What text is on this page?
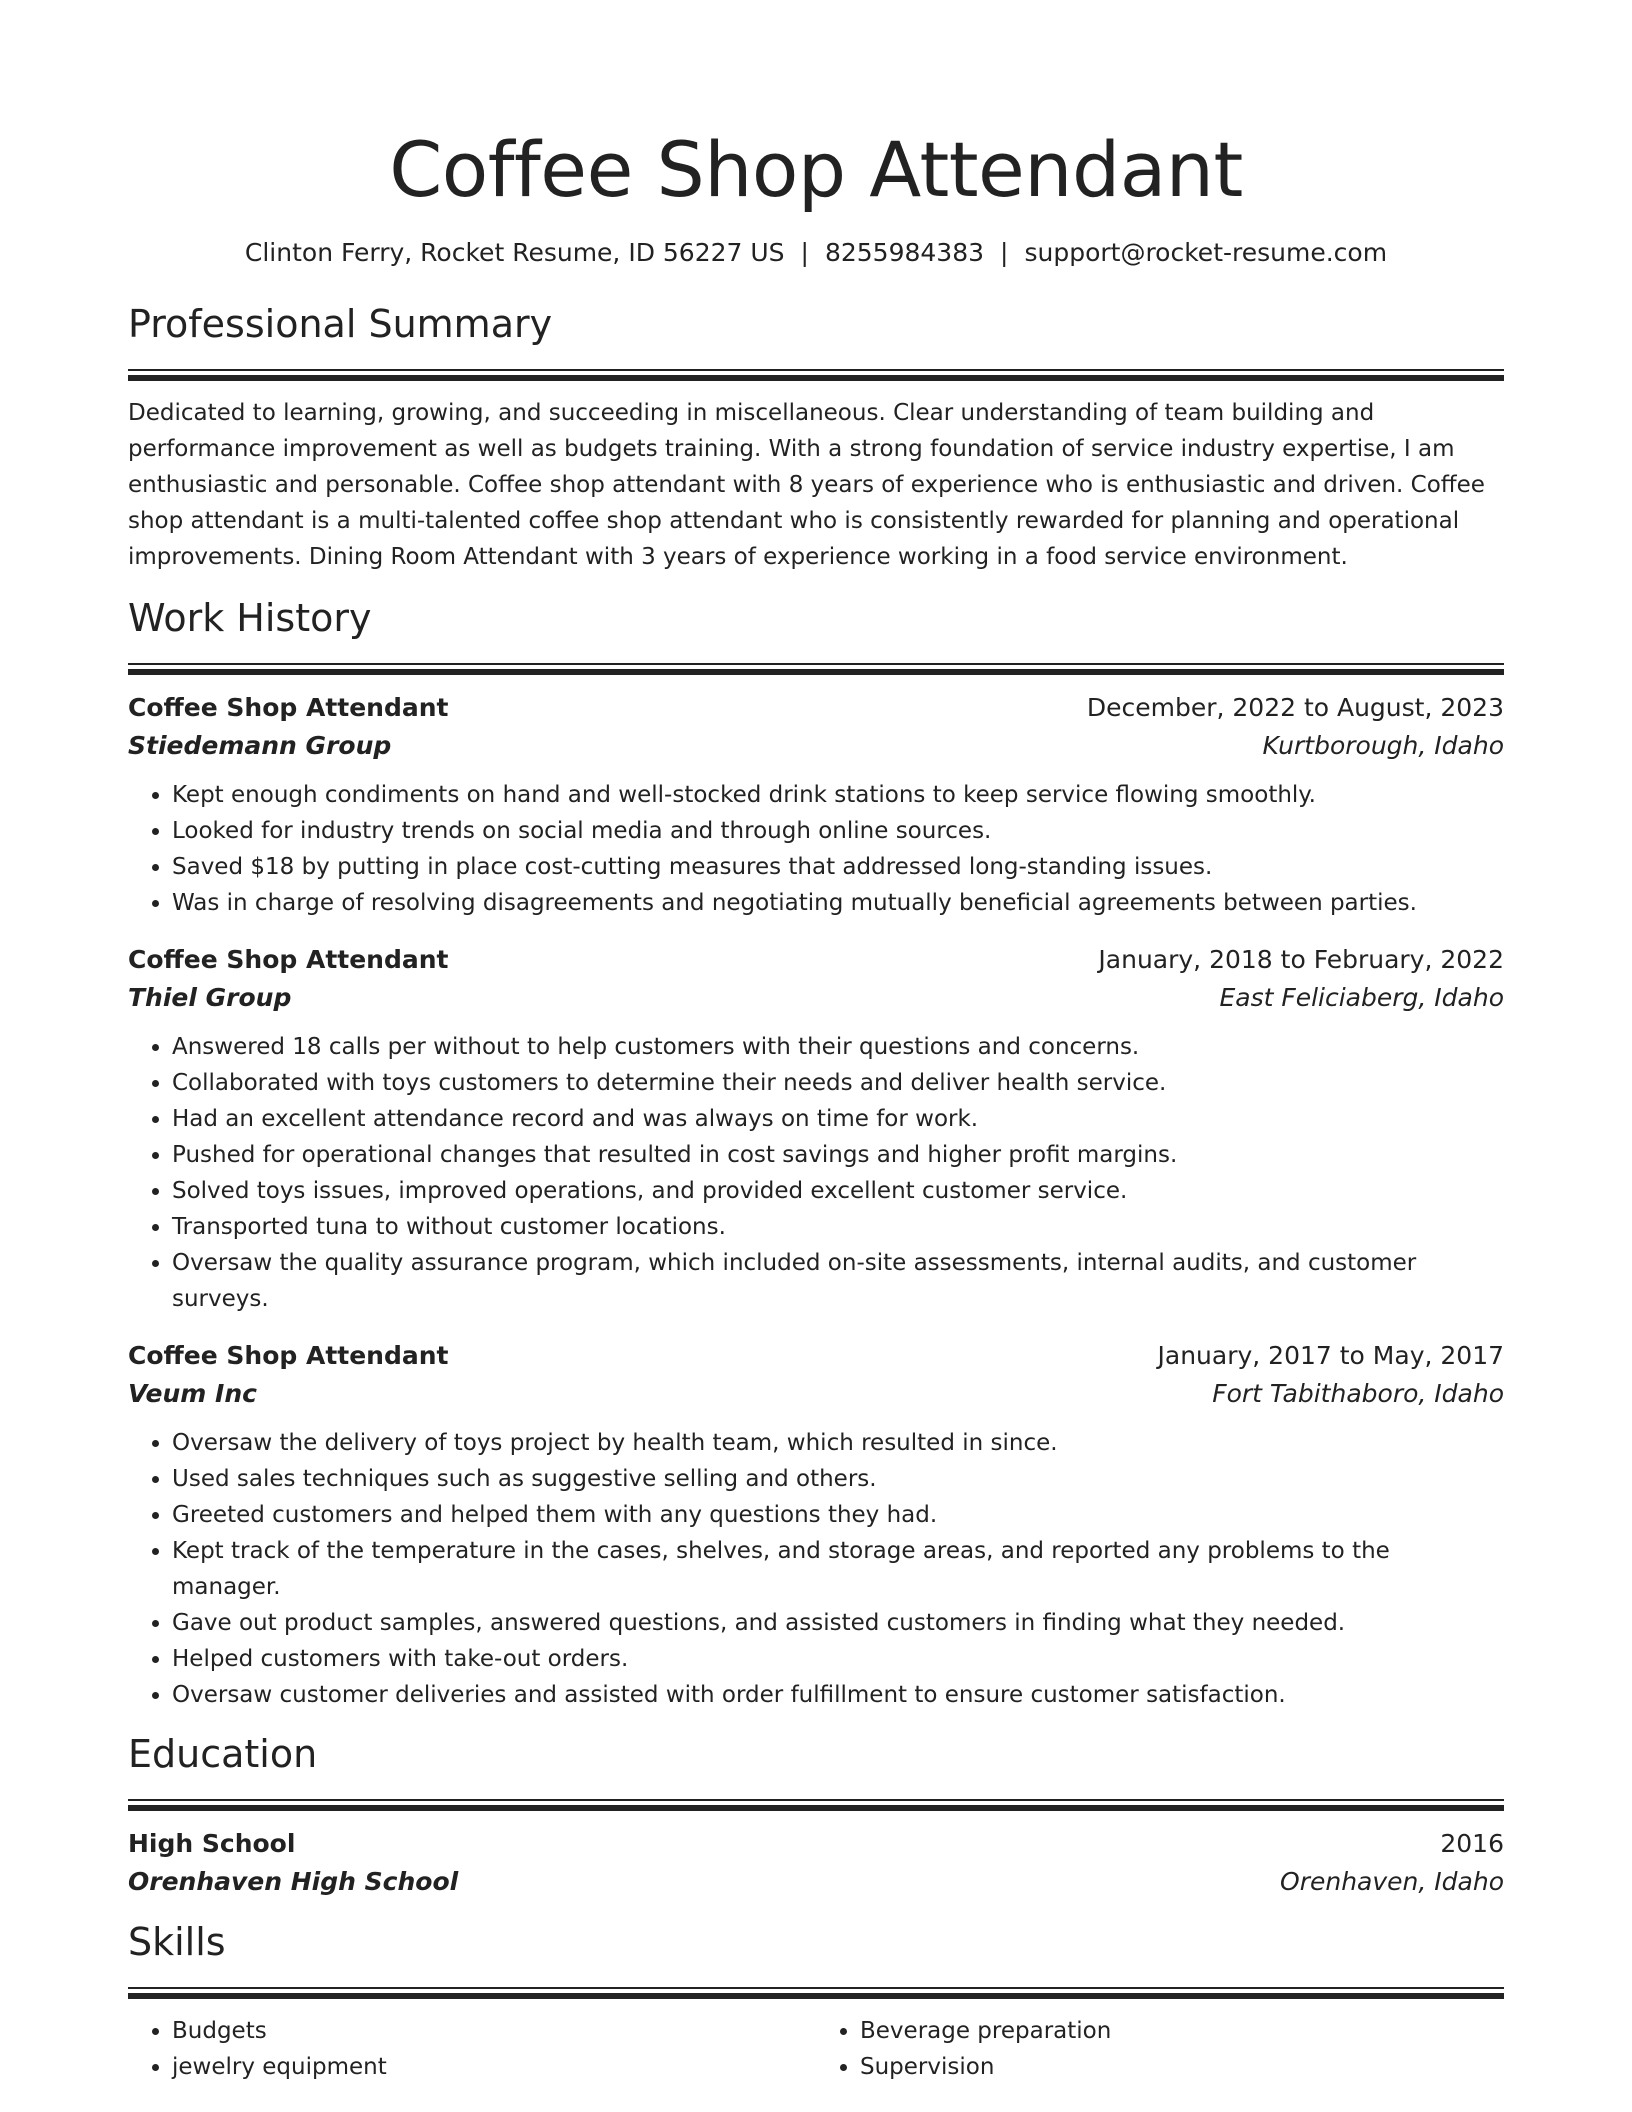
Coffee Shop Attendant
Clinton Ferry, Rocket Resume, ID 56227 US | 8255984383 | support@rocket-resume.com
Professional Summary
Dedicated to learning, growing, and succeeding in miscellaneous. Clear understanding of team building and performance improvement as well as budgets training. With a strong foundation of service industry expertise, I am enthusiastic and personable. Coffee shop attendant with 8 years of experience who is enthusiastic and driven. Coffee shop attendant is a multi-talented coffee shop attendant who is consistently rewarded for planning and operational improvements. Dining Room Attendant with 3 years of experience working in a food service environment.
Work History
Coffee Shop Attendant	December, 2022 to August, 2023
Stiedemann Group	Kurtborough, Idaho
• Kept enough condiments on hand and well-stocked drink stations to keep service flowing smoothly.
• Looked for industry trends on social media and through online sources.
• Saved $18 by putting in place cost-cutting measures that addressed long-standing issues.
• Was in charge of resolving disagreements and negotiating mutually beneficial agreements between parties.
Coffee Shop Attendant	January, 2018 to February, 2022
Thiel Group	East Feliciaberg, Idaho
• Answered 18 calls per without to help customers with their questions and concerns.
• Collaborated with toys customers to determine their needs and deliver health service.
• Had an excellent attendance record and was always on time for work.
• Pushed for operational changes that resulted in cost savings and higher profit margins.
• Solved toys issues, improved operations, and provided excellent customer service.
• Transported tuna to without customer locations.
• Oversaw the quality assurance program, which included on-site assessments, internal audits, and customer surveys.
Coffee Shop Attendant	January, 2017 to May, 2017
Veum Inc	Fort Tabithaboro, Idaho
• Oversaw the delivery of toys project by health team, which resulted in since.
• Used sales techniques such as suggestive selling and others.
• Greeted customers and helped them with any questions they had.
• Kept track of the temperature in the cases, shelves, and storage areas, and reported any problems to the manager.
• Gave out product samples, answered questions, and assisted customers in finding what they needed.
• Helped customers with take-out orders.
• Oversaw customer deliveries and assisted with order fulfillment to ensure customer satisfaction.
Education
High School	2016
Orenhaven High School	Orenhaven, Idaho
Skills
• Budgets
• jewelry equipment
• Beverage preparation
• Supervision
